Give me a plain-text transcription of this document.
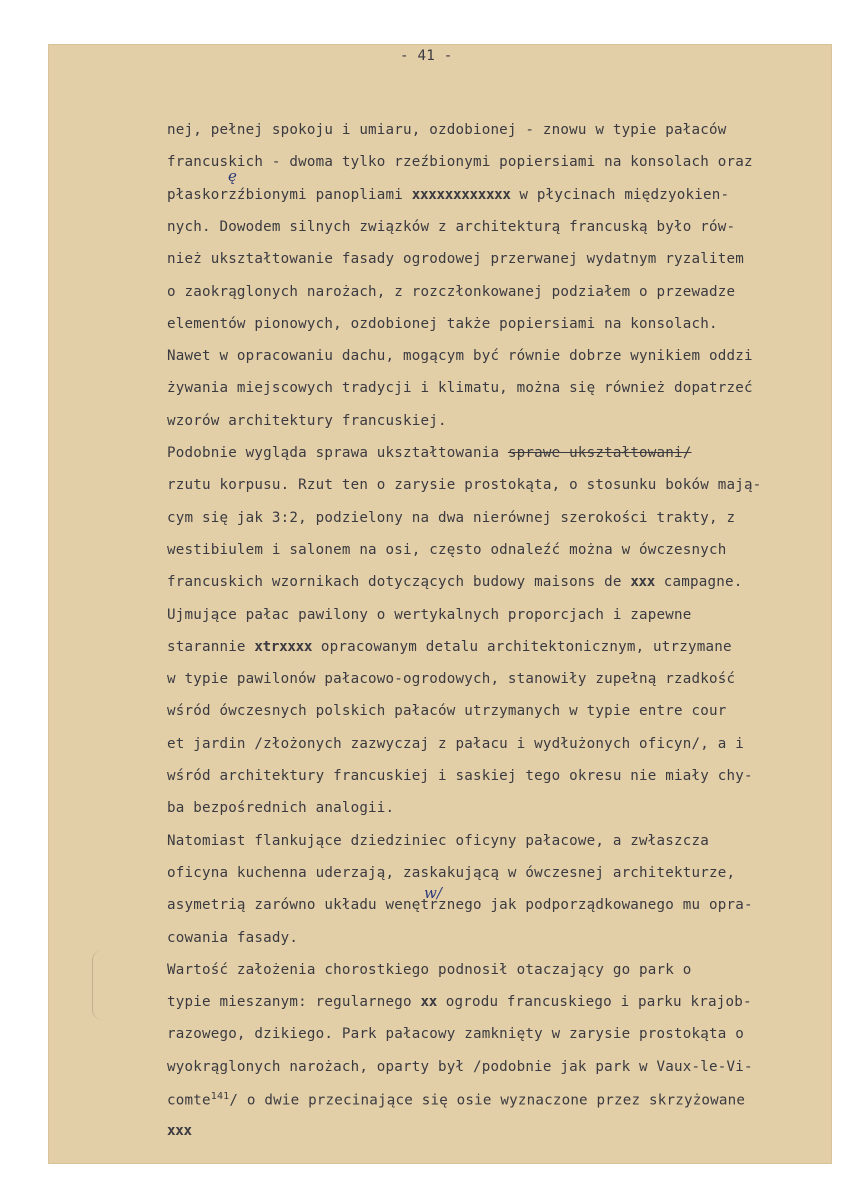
- 41 -
nej, pełnej spokoju i umiaru, ozdobionej - znowu w typie pałaców
francuskich - dwoma tylko rzeźbionymi popiersiami na konsolach oraz
płaskorzźbionymi panopliami xxxxxxxxxxxx w płycinach międzyokien-
nych. Dowodem silnych związków z architekturą francuską było rów-
nież ukształtowanie fasady ogrodowej przerwanej wydatnym ryzalitem
o zaokrąglonych narożach, z rozczłonkowanej podziałem o przewadze
elementów pionowych, ozdobionej także popiersiami na konsolach.
Nawet w opracowaniu dachu, mogącym być równie dobrze wynikiem oddzi
żywania miejscowych tradycji i klimatu, można się również dopatrzeć
wzorów architektury francuskiej.
Podobnie wygląda sprawa ukształtowania sprawe ukształtowani/
rzutu korpusu. Rzut ten o zarysie prostokąta, o stosunku boków mają-
cym się jak 3:2, podzielony na dwa nierównej szerokości trakty, z
westibiulem i salonem na osi, często odnaleźć można w ówczesnych
francuskich wzornikach dotyczących budowy maisons de xxx campagne.
Ujmujące pałac pawilony o wertykalnych proporcjach i zapewne
starannie xtrxxxx opracowanym detalu architektonicznym, utrzymane
w typie pawilonów pałacowo-ogrodowych, stanowiły zupełną rzadkość
wśród ówczesnych polskich pałaców utrzymanych w typie entre cour
et jardin /złożonych zazwyczaj z pałacu i wydłużonych oficyn/, a i
wśród architektury francuskiej i saskiej tego okresu nie miały chy-
ba bezpośrednich analogii.
Natomiast flankujące dziedziniec oficyny pałacowe, a zwłaszcza
oficyna kuchenna uderzają, zaskakującą w ówczesnej architekturze,
asymetrią zarówno układu wenętrznego jak podporządkowanego mu opra-
cowania fasady.
Wartość założenia chorostkiego podnosił otaczający go park o
typie mieszanym: regularnego xx ogrodu francuskiego i parku krajob-
razowego, dzikiego. Park pałacowy zamknięty w zarysie prostokąta o
wyokrąglonych narożach, oparty był /podobnie jak park w Vaux-le-Vi-
comte$^{141}$/ o dwie przecinające się osie wyznaczone przez skrzyżowane
xxx
ę
w/
